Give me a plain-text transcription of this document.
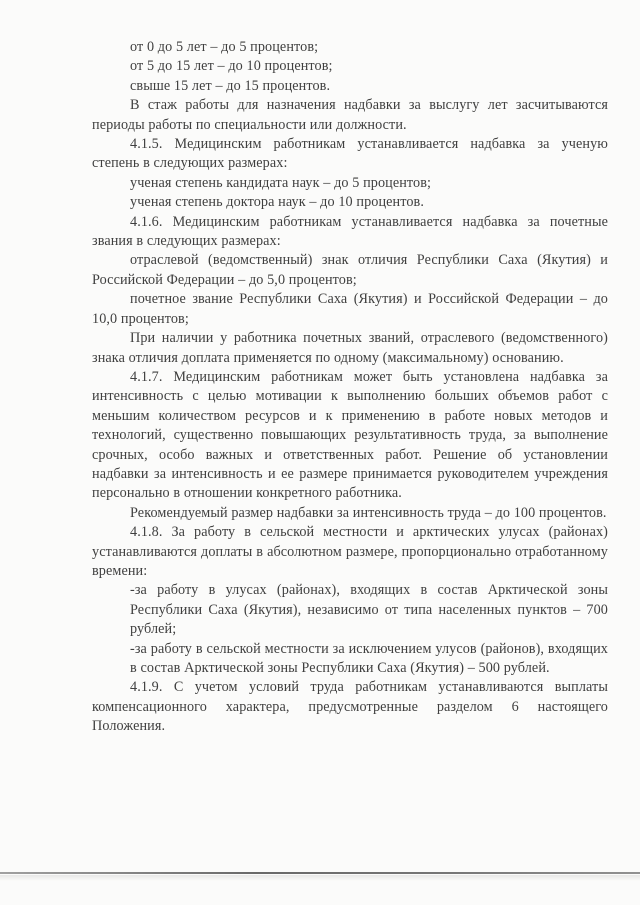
от 0 до 5 лет – до 5 процентов;

от 5 до 15 лет – до 10 процентов;

свыше 15 лет – до 15 процентов.

В стаж работы для назначения надбавки за выслугу лет засчитываются периоды работы по специальности или должности.

4.1.5. Медицинским работникам устанавливается надбавка за ученую степень в следующих размерах:

ученая степень кандидата наук – до 5 процентов;

ученая степень доктора наук – до 10 процентов.

4.1.6. Медицинским работникам устанавливается надбавка за почетные звания в следующих размерах:

отраслевой (ведомственный) знак отличия Республики Саха (Якутия) и Российской Федерации – до 5,0 процентов;

почетное звание Республики Саха (Якутия) и Российской Федерации – до 10,0 процентов;

При наличии у работника почетных званий, отраслевого (ведомственного) знака отличия доплата применяется по одному (максимальному) основанию.

4.1.7. Медицинским работникам может быть установлена надбавка за интенсивность с целью мотивации к выполнению больших объемов работ с меньшим количеством ресурсов и к применению в работе новых методов и технологий, существенно повышающих результативность труда, за выполнение срочных, особо важных и ответственных работ. Решение об установлении надбавки за интенсивность и ее размере принимается руководителем учреждения персонально в отношении конкретного работника.

Рекомендуемый размер надбавки за интенсивность труда – до 100 процентов.

4.1.8. За работу в сельской местности и арктических улусах (районах) устанавливаются доплаты в абсолютном размере, пропорционально отработанному времени:

-за работу в улусах (районах), входящих в состав Арктической зоны Республики Саха (Якутия), независимо от типа населенных пунктов – 700 рублей;

-за работу в сельской местности за исключением улусов (районов), входящих в состав Арктической зоны Республики Саха (Якутия) – 500 рублей.

4.1.9. С учетом условий труда работникам устанавливаются выплаты компенсационного характера, предусмотренные разделом 6 настоящего Положения.
